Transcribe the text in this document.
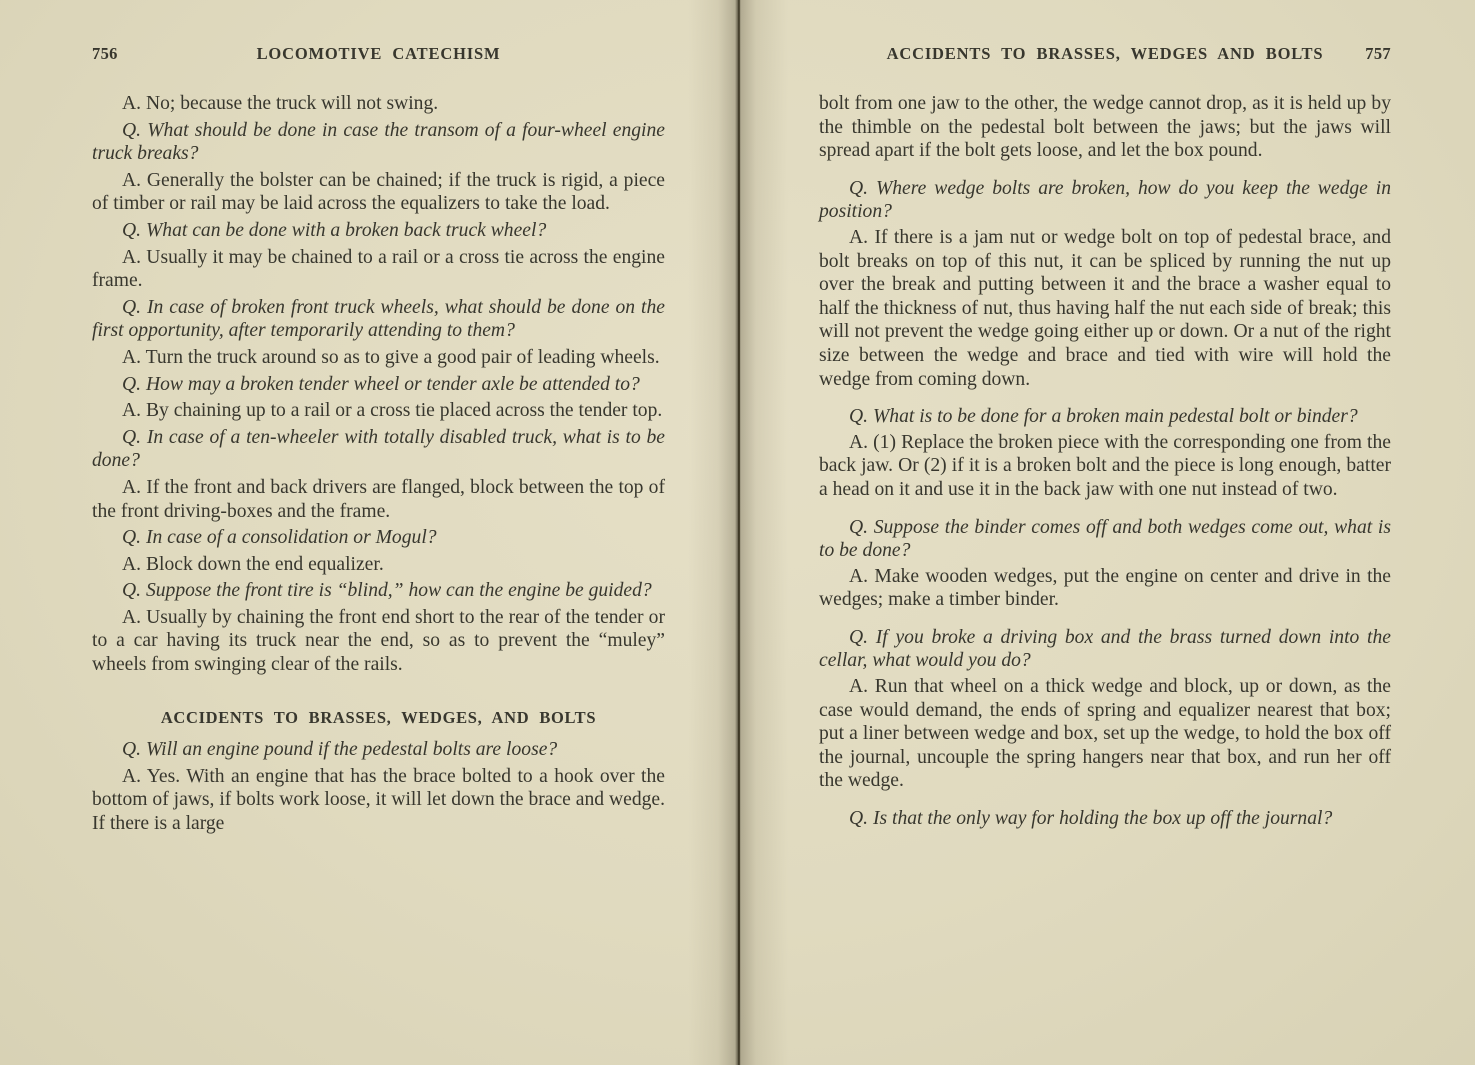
756	LOCOMOTIVE CATECHISM

A. No; because the truck will not swing.

Q. What should be done in case the transom of a four-wheel engine truck breaks?

A. Generally the bolster can be chained; if the truck is rigid, a piece of timber or rail may be laid across the equalizers to take the load.

Q. What can be done with a broken back truck wheel?

A. Usually it may be chained to a rail or a cross tie across the engine frame.

Q. In case of broken front truck wheels, what should be done on the first opportunity, after temporarily attending to them?

A. Turn the truck around so as to give a good pair of leading wheels.

Q. How may a broken tender wheel or tender axle be attended to?

A. By chaining up to a rail or a cross tie placed across the tender top.

Q. In case of a ten-wheeler with totally disabled truck, what is to be done?

A. If the front and back drivers are flanged, block between the top of the front driving-boxes and the frame.

Q. In case of a consolidation or Mogul?

A. Block down the end equalizer.

Q. Suppose the front tire is “blind,” how can the engine be guided?

A. Usually by chaining the front end short to the rear of the tender or to a car having its truck near the end, so as to prevent the “muley” wheels from swinging clear of the rails.

ACCIDENTS TO BRASSES, WEDGES, AND BOLTS

Q. Will an engine pound if the pedestal bolts are loose?

A. Yes. With an engine that has the brace bolted to a hook over the bottom of jaws, if bolts work loose, it will let down the brace and wedge. If there is a large

ACCIDENTS TO BRASSES, WEDGES AND BOLTS	757

bolt from one jaw to the other, the wedge cannot drop, as it is held up by the thimble on the pedestal bolt between the jaws; but the jaws will spread apart if the bolt gets loose, and let the box pound.

Q. Where wedge bolts are broken, how do you keep the wedge in position?

A. If there is a jam nut or wedge bolt on top of pedestal brace, and bolt breaks on top of this nut, it can be spliced by running the nut up over the break and putting between it and the brace a washer equal to half the thickness of nut, thus having half the nut each side of break; this will not prevent the wedge going either up or down. Or a nut of the right size between the wedge and brace and tied with wire will hold the wedge from coming down.

Q. What is to be done for a broken main pedestal bolt or binder?

A. (1) Replace the broken piece with the corresponding one from the back jaw. Or (2) if it is a broken bolt and the piece is long enough, batter a head on it and use it in the back jaw with one nut instead of two.

Q. Suppose the binder comes off and both wedges come out, what is to be done?

A. Make wooden wedges, put the engine on center and drive in the wedges; make a timber binder.

Q. If you broke a driving box and the brass turned down into the cellar, what would you do?

A. Run that wheel on a thick wedge and block, up or down, as the case would demand, the ends of spring and equalizer nearest that box; put a liner between wedge and box, set up the wedge, to hold the box off the journal, uncouple the spring hangers near that box, and run her off the wedge.

Q. Is that the only way for holding the box up off the journal?
